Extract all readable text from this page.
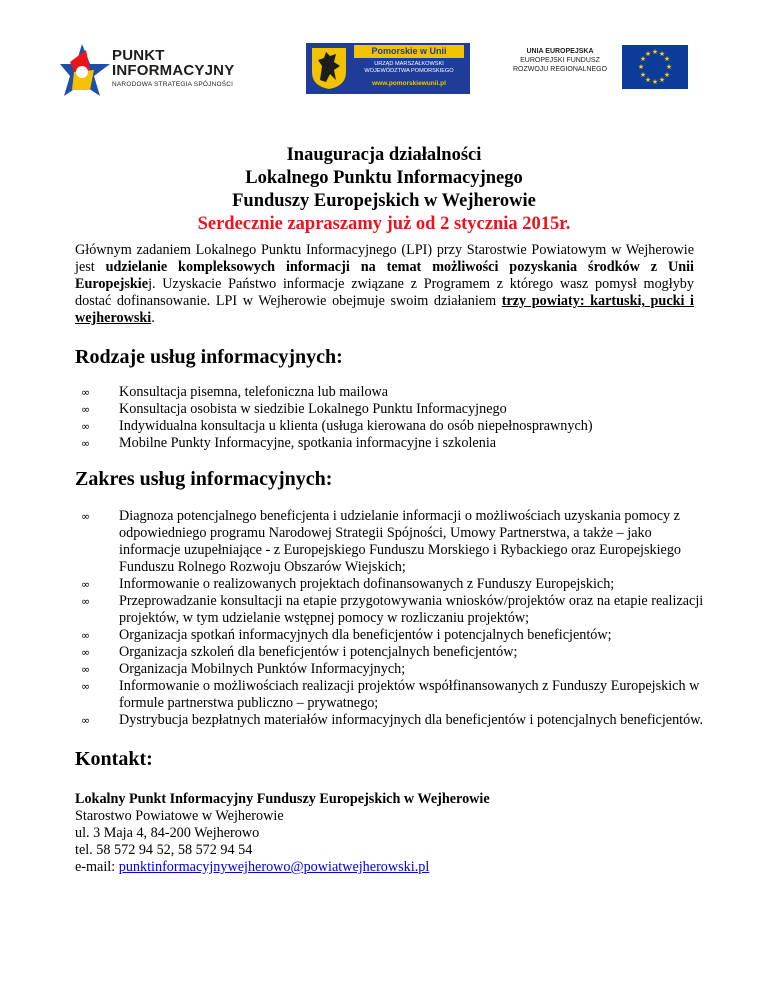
PUNKT
INFORMACYJNY
NARODOWA STRATEGIA SPÓJNOŚCI
Pomorskie w Unii
URZĄD MARSZAŁKOWSKI
WOJEWÓDZTWA POMORSKIEGO
www.pomorskiewunii.pl
UNIA EUROPEJSKA
EUROPEJSKI FUNDUSZ
ROZWOJU REGIONALNEGO
★ ★
★
★
★
★
★
★
★
★
★
★
Inauguracja działalności
Lokalnego Punktu Informacyjnego
Funduszy Europejskich w Wejherowie
Serdecznie zapraszamy już od 2 stycznia 2015r.

Głównym zadaniem Lokalnego Punktu Informacyjnego (LPI) przy Starostwie Powiatowym w Wejherowie jest udzielanie kompleksowych informacji na temat możliwości pozyskania środków z Unii Europejskiej. Uzyskacie Państwo informacje związane z Programem z którego wasz pomysł mogłyby dostać dofinansowanie. LPI w Wejherowie obejmuje swoim działaniem trzy powiaty: kartuski, pucki i wejherowski.

Rodzaje usług informacyjnych:
∞ Konsultacja pisemna, telefoniczna lub mailowa
∞ Konsultacja osobista w siedzibie Lokalnego Punktu Informacyjnego
∞ Indywidualna konsultacja u klienta (usługa kierowana do osób niepełnosprawnych)
∞ Mobilne Punkty Informacyjne, spotkania informacyjne i szkolenia
Zakres usług informacyjnych:
∞ Diagnoza potencjalnego beneficjenta i udzielanie informacji o możliwościach uzyskania pomocy z odpowiedniego programu Narodowej Strategii Spójności, Umowy Partnerstwa, a także – jako informacje uzupełniające - z Europejskiego Funduszu Morskiego i Rybackiego oraz Europejskiego Funduszu Rolnego Rozwoju Obszarów Wiejskich;
∞ Informowanie o realizowanych projektach dofinansowanych z Funduszy Europejskich;
∞ Przeprowadzanie konsultacji na etapie przygotowywania wniosków/projektów oraz na etapie realizacji projektów, w tym udzielanie wstępnej pomocy w rozliczaniu projektów;
∞ Organizacja spotkań informacyjnych dla beneficjentów i potencjalnych beneficjentów;
∞ Organizacja szkoleń dla beneficjentów i potencjalnych beneficjentów;
∞ Organizacja Mobilnych Punktów Informacyjnych;
∞ Informowanie o możliwościach realizacji projektów współfinansowanych z Funduszy Europejskich w formule partnerstwa publiczno – prywatnego;
∞ Dystrybucja bezpłatnych materiałów informacyjnych dla beneficjentów i potencjalnych beneficjentów.
Kontakt:
Lokalny Punkt Informacyjny Funduszy Europejskich w Wejherowie
Starostwo Powiatowe w Wejherowie
ul. 3 Maja 4, 84-200 Wejherowo
tel. 58 572 94 52, 58 572 94 54
e-mail: punktinformacyjnywejherowo@powiatwejherowski.pl
